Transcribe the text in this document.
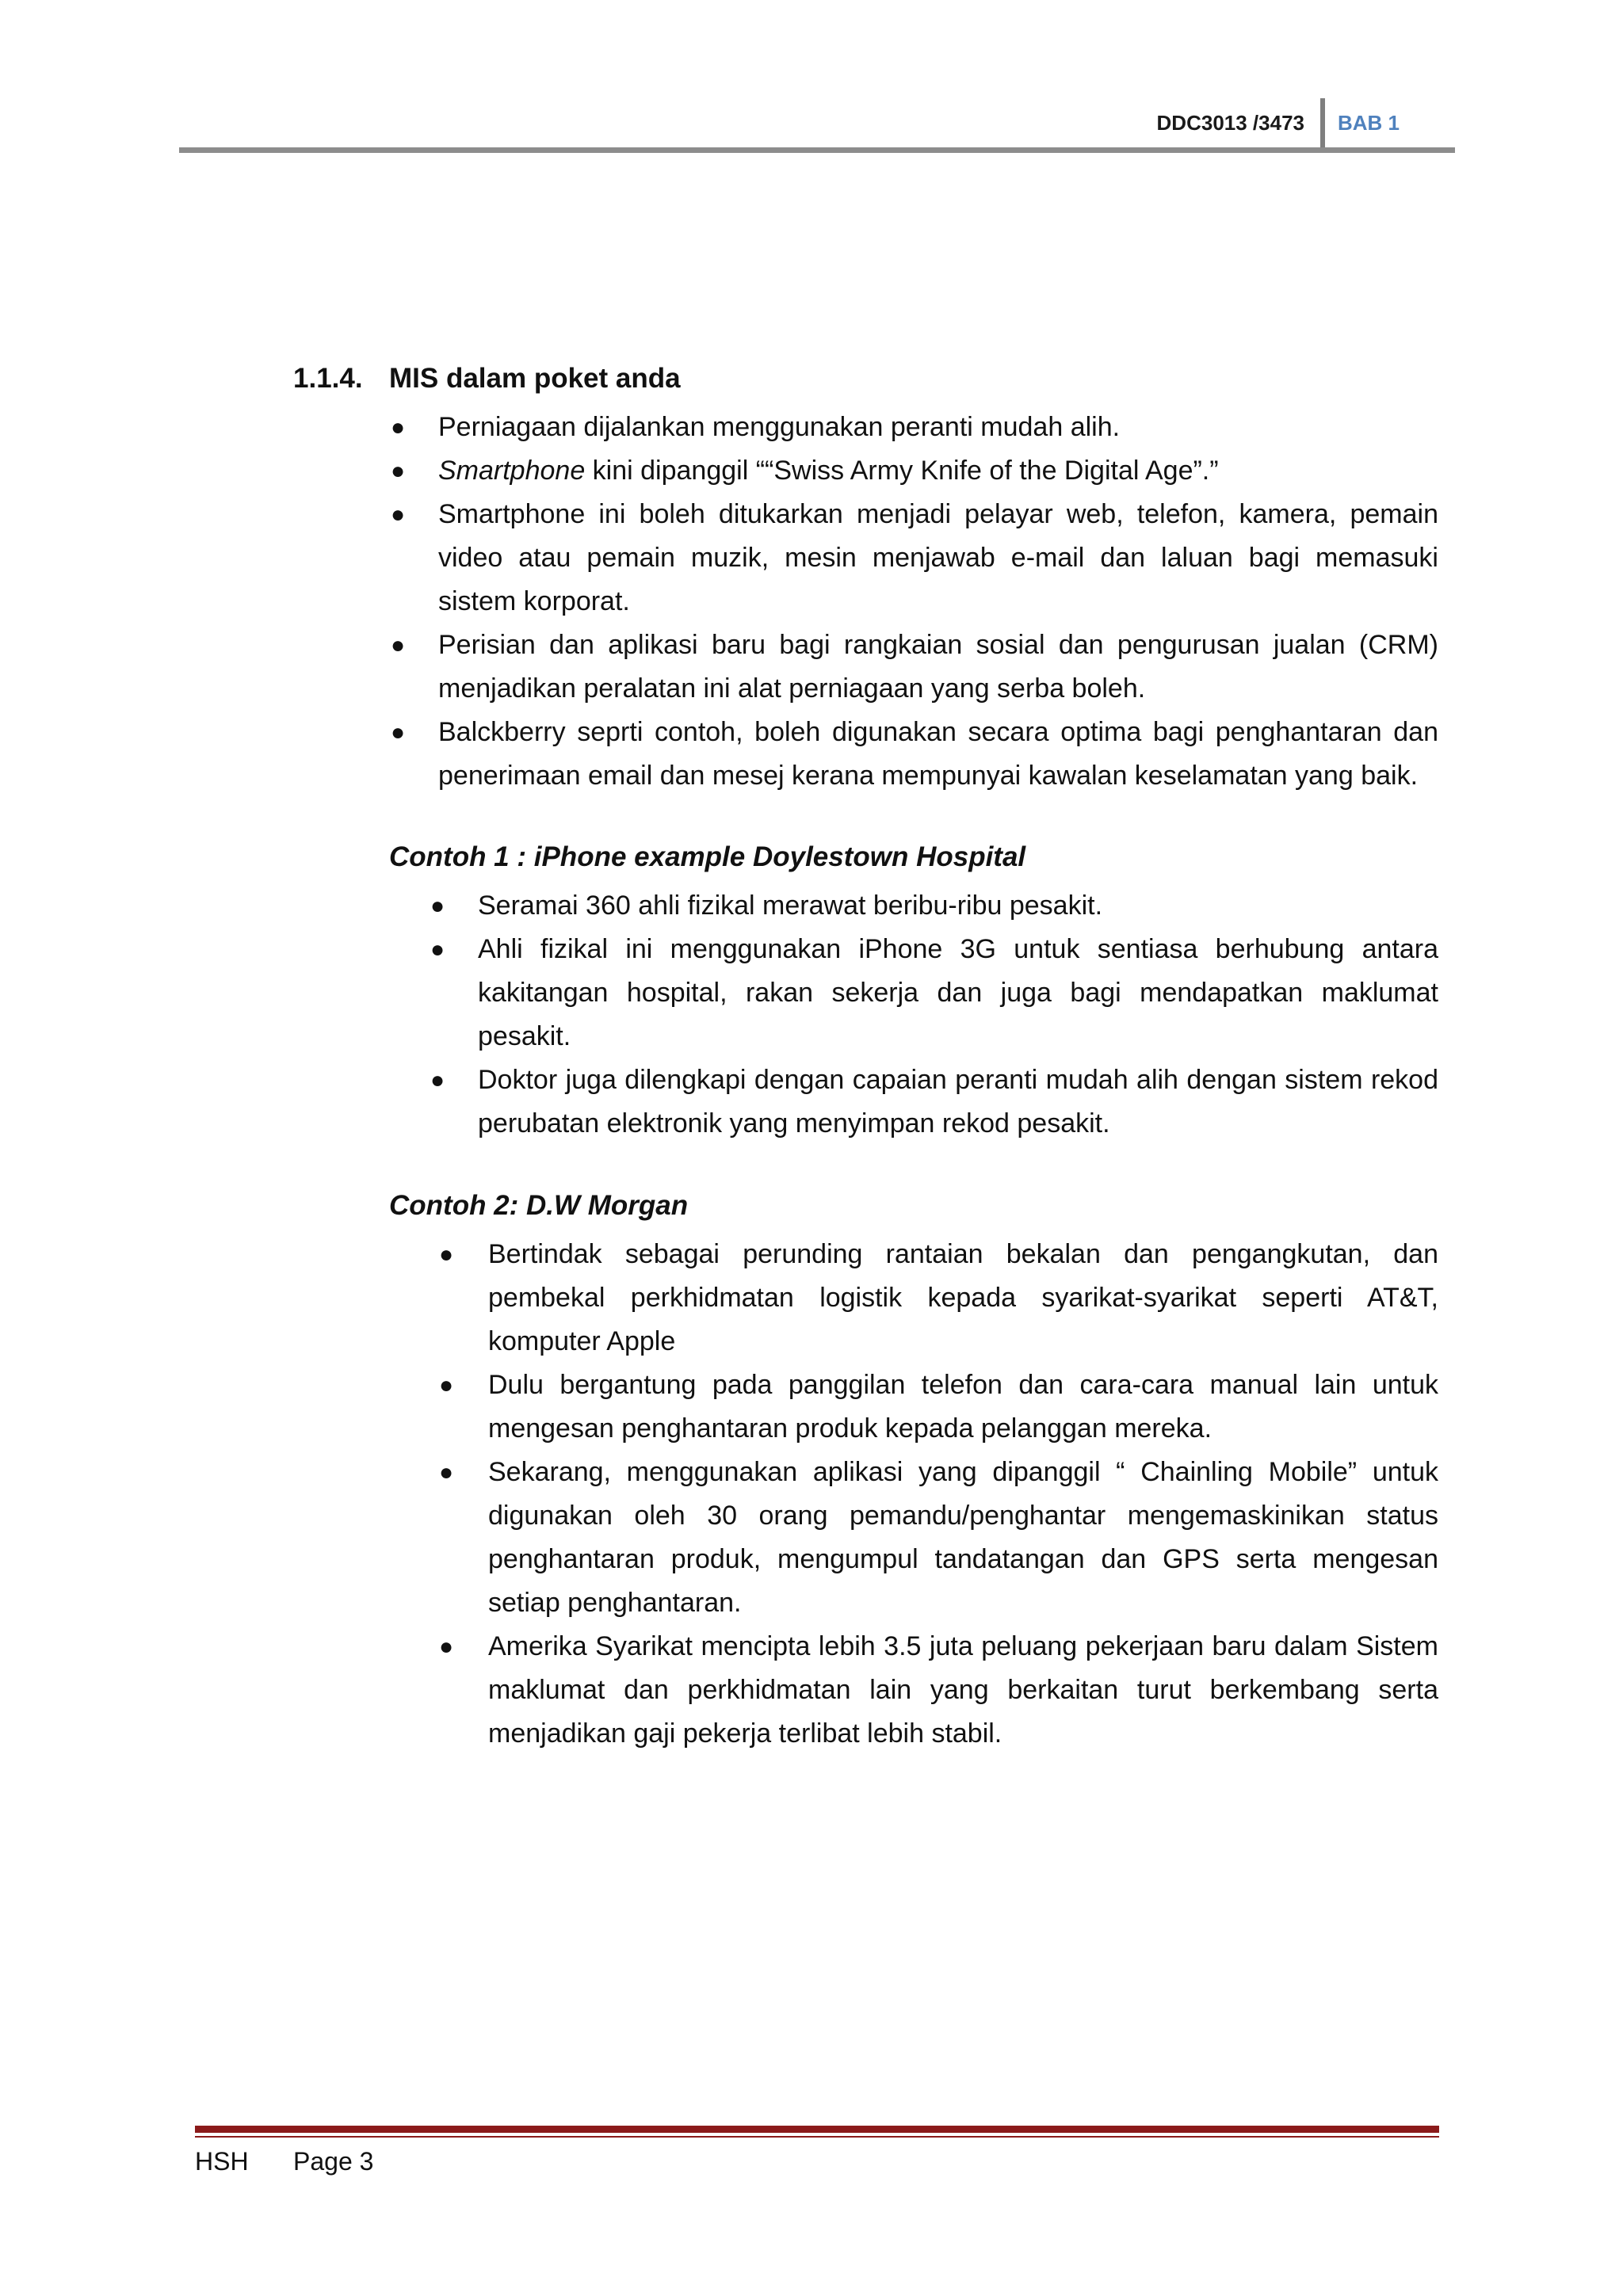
DDC3013 /3473 BAB 1
1.1.4. MIS dalam poket anda
● Perniagaan dijalankan menggunakan peranti mudah alih.
● Smartphone kini dipanggil ““Swiss Army Knife of the Digital Age”.”
● Smartphone ini boleh ditukarkan menjadi pelayar web, telefon, kamera, pemain video atau pemain muzik, mesin menjawab e-mail dan laluan bagi memasuki sistem korporat.
● Perisian dan aplikasi baru bagi rangkaian sosial dan pengurusan jualan (CRM) menjadikan peralatan ini alat perniagaan yang serba boleh.
● Balckberry seprti contoh, boleh digunakan secara optima bagi penghantaran dan penerimaan email dan mesej kerana mempunyai kawalan keselamatan yang baik.
Contoh 1 : iPhone example Doylestown Hospital
● Seramai 360 ahli fizikal merawat beribu-ribu pesakit.
● Ahli fizikal ini menggunakan iPhone 3G untuk sentiasa berhubung antara kakitangan hospital, rakan sekerja dan juga bagi mendapatkan maklumat pesakit.
● Doktor juga dilengkapi dengan capaian peranti mudah alih dengan sistem rekod perubatan elektronik yang menyimpan rekod pesakit.
Contoh 2: D.W Morgan
● Bertindak sebagai perunding rantaian bekalan dan pengangkutan, dan pembekal perkhidmatan logistik kepada syarikat-syarikat seperti AT&T, komputer Apple
● Dulu bergantung pada panggilan telefon dan cara-cara manual lain untuk mengesan penghantaran produk kepada pelanggan mereka.
● Sekarang, menggunakan aplikasi yang dipanggil “ Chainling Mobile” untuk digunakan oleh 30 orang pemandu/penghantar mengemaskinikan status penghantaran produk, mengumpul tandatangan dan GPS serta mengesan setiap penghantaran.
● Amerika Syarikat mencipta lebih 3.5 juta peluang pekerjaan baru dalam Sistem maklumat dan perkhidmatan lain yang berkaitan turut berkembang serta menjadikan gaji pekerja terlibat lebih stabil.
HSH Page 3
